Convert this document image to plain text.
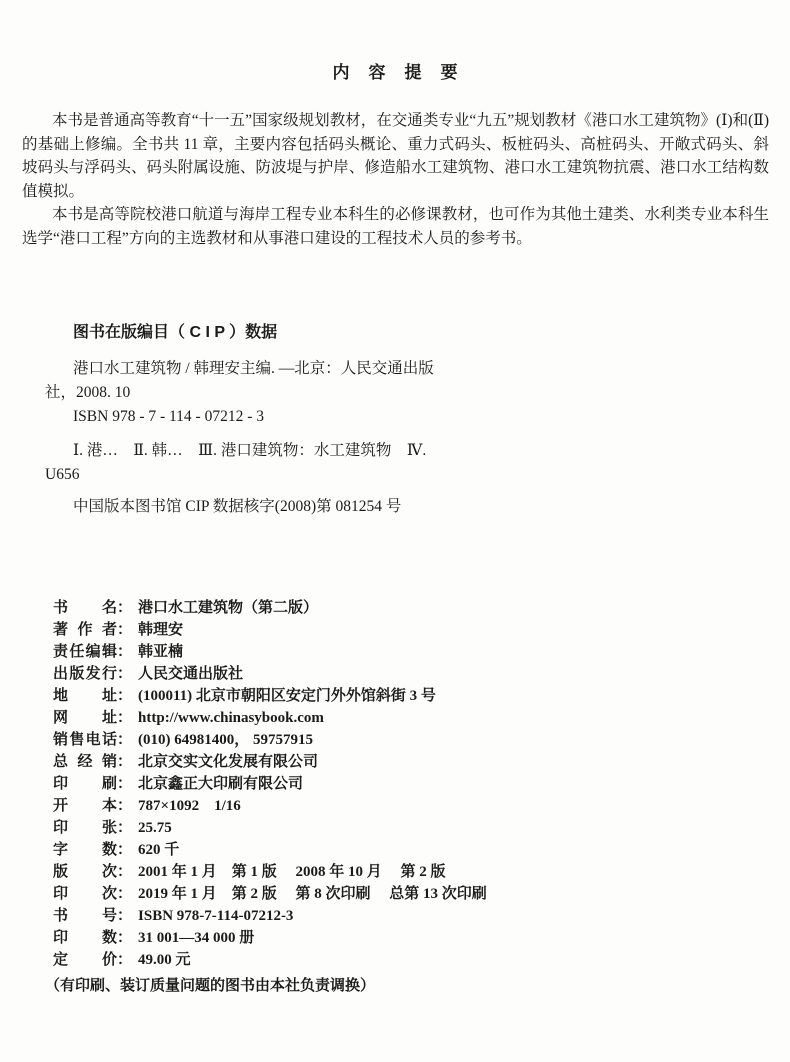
内容提要

本书是普通高等教育“十一五”国家级规划教材，在交通类专业“九五”规划教材《港口水工建筑物》(Ⅰ)和(Ⅱ)的基础上修编。全书共 11 章，主要内容包括码头概论、重力式码头、板桩码头、高桩码头、开敞式码头、斜坡码头与浮码头、码头附属设施、防波堤与护岸、修造船水工建筑物、港口水工建筑物抗震、港口水工结构数值模拟。

本书是高等院校港口航道与海岸工程专业本科生的必修课教材，也可作为其他土建类、水利类专业本科生选学“港口工程”方向的主选教材和从事港口建设的工程技术人员的参考书。

图书在版编目（ C I P ）数据
港口水工建筑物 / 韩理安主编. —北京：人民交通出版
社，2008. 10
ISBN 978 - 7 - 114 - 07212 - 3
Ⅰ. 港…　Ⅱ. 韩…　Ⅲ. 港口建筑物：水工建筑物　Ⅳ.
U656
中国版本图书馆 CIP 数据核字(2008)第 081254 号
书名 ： 港口水工建筑物（第二版）
著 作 者 ： 韩理安
责任编辑 ： 韩亚楠
出版发行 ： 人民交通出版社
地址 ： (100011) 北京市朝阳区安定门外外馆斜街 3 号
网址 ： http://www.chinasybook.com
销售电话 ： (010) 64981400， 59757915
总 经 销 ： 北京交实文化发展有限公司
印刷 ： 北京鑫正大印刷有限公司
开本 ： 787×1092　1/16
印张 ： 25.75
字数 ： 620 千
版次 ： 2001 年 1 月　第 1 版　 2008 年 10 月　 第 2 版
印次 ： 2019 年 1 月　第 2 版　 第 8 次印刷　 总第 13 次印刷
书号 ： ISBN 978-7-114-07212-3
印数 ： 31 001—34 000 册
定价 ： 49.00 元
（有印刷、装订质量问题的图书由本社负责调换）
